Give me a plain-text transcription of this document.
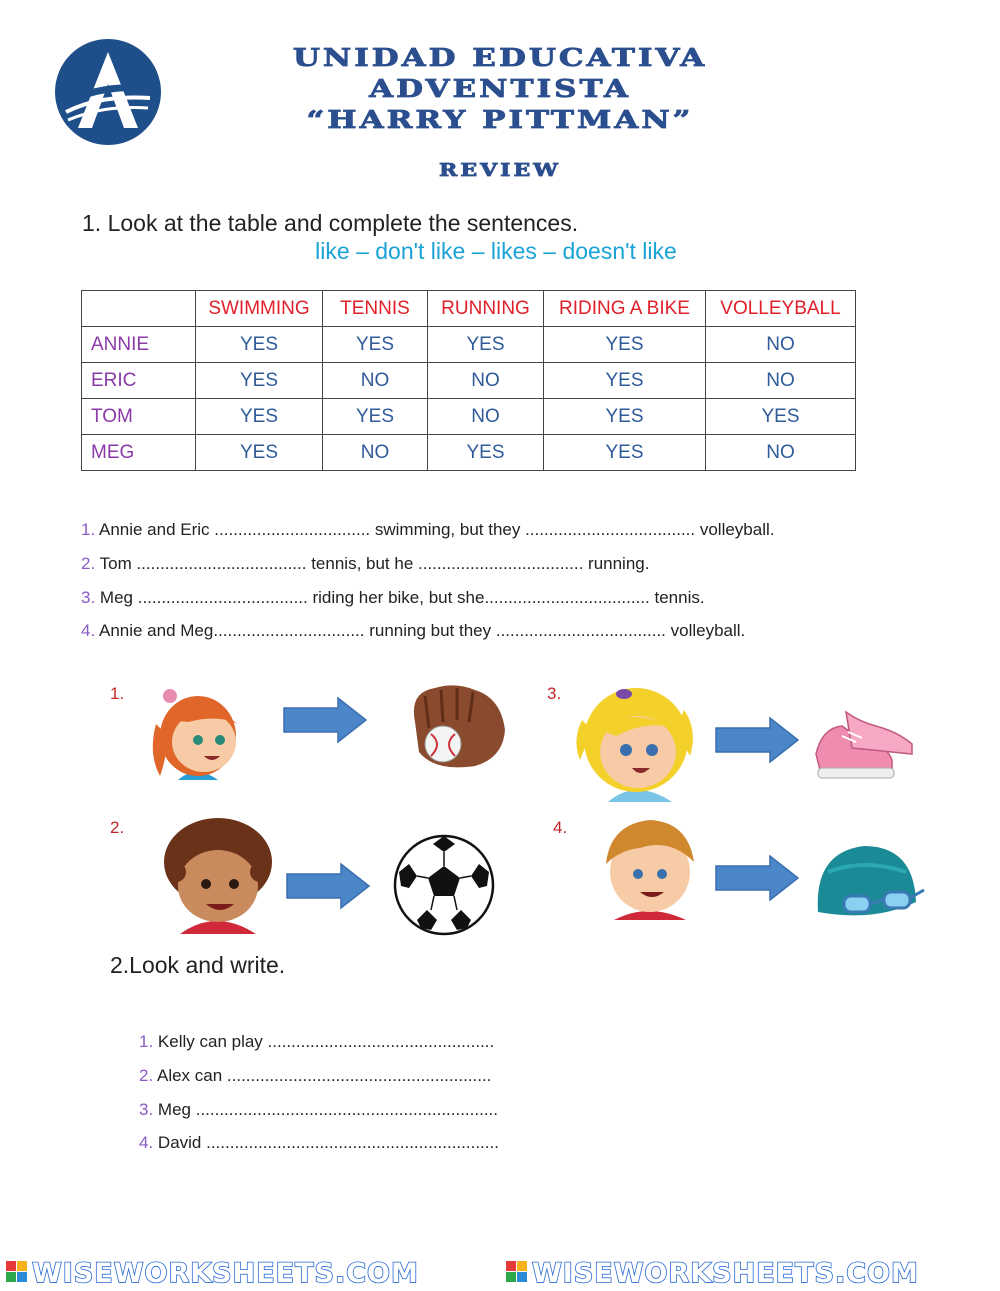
UNIDAD EDUCATIVA
ADVENTISTA
“HARRY PITTMAN”
REVIEW
1. Look at the table and complete the sentences.
like – don't like – likes – doesn't like
	SWIMMING	TENNIS	RUNNING	RIDING A BIKE	VOLLEYBALL
ANNIE	YES	YES	YES	YES	NO
ERIC	YES	NO	NO	YES	NO
TOM	YES	YES	NO	YES	YES
MEG	YES	NO	YES	YES	NO
1. Annie and Eric ................................. swimming, but they .................................... volleyball.
2. Tom .................................... tennis, but he ................................... running.
3. Meg .................................... riding her bike, but she................................... tennis.
4. Annie and Meg................................ running but they .................................... volleyball.
1.
2.
3.
4.
2.Look and write.
1. Kelly can play ................................................
2. Alex can ........................................................
3. Meg ................................................................
4. David ..............................................................
WISEWORKSHEETS.COM	WISEWORKSHEETS.COM
